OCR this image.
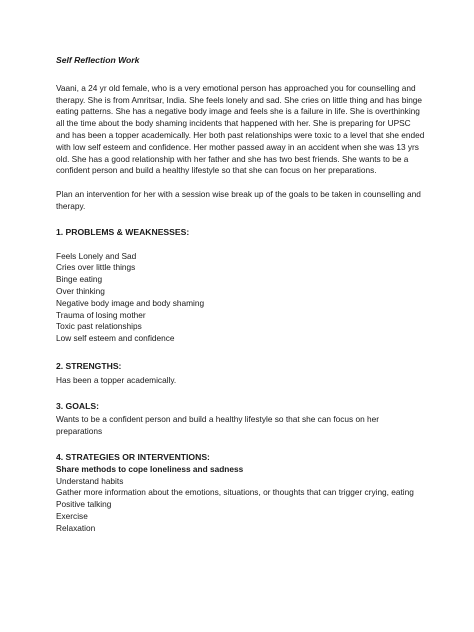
Self Reflection Work

Vaani, a 24 yr old female, who is a very emotional person has approached you for counselling and therapy. She is from Amritsar, India. She feels lonely and sad. She cries on little thing and has binge eating patterns. She has a negative body image and feels she is a failure in life. She is overthinking all the time about the body shaming incidents that happened with her. She is preparing for UPSC and has been a topper academically. Her both past relationships were toxic to a level that she ended with low self esteem and confidence. Her mother passed away in an accident when she was 13 yrs old. She has a good relationship with her father and she has two best friends. She wants to be a confident person and build a healthy lifestyle so that she can focus on her preparations.

Plan an intervention for her with a session wise break up of the goals to be taken in counselling and therapy.

1. PROBLEMS & WEAKNESSES:

Feels Lonely and Sad
Cries over little things
Binge eating
Over thinking
Negative body image and body shaming
Trauma of losing mother
Toxic past relationships
Low self esteem and confidence

2. STRENGTHS:

Has been a topper academically.

3. GOALS:

Wants to be a confident person and build a healthy lifestyle so that she can focus on her preparations

4. STRATEGIES OR INTERVENTIONS:

Share methods to cope loneliness and sadness

Understand habits
Gather more information about the emotions, situations, or thoughts that can trigger crying, eating
Positive talking
Exercise
Relaxation
